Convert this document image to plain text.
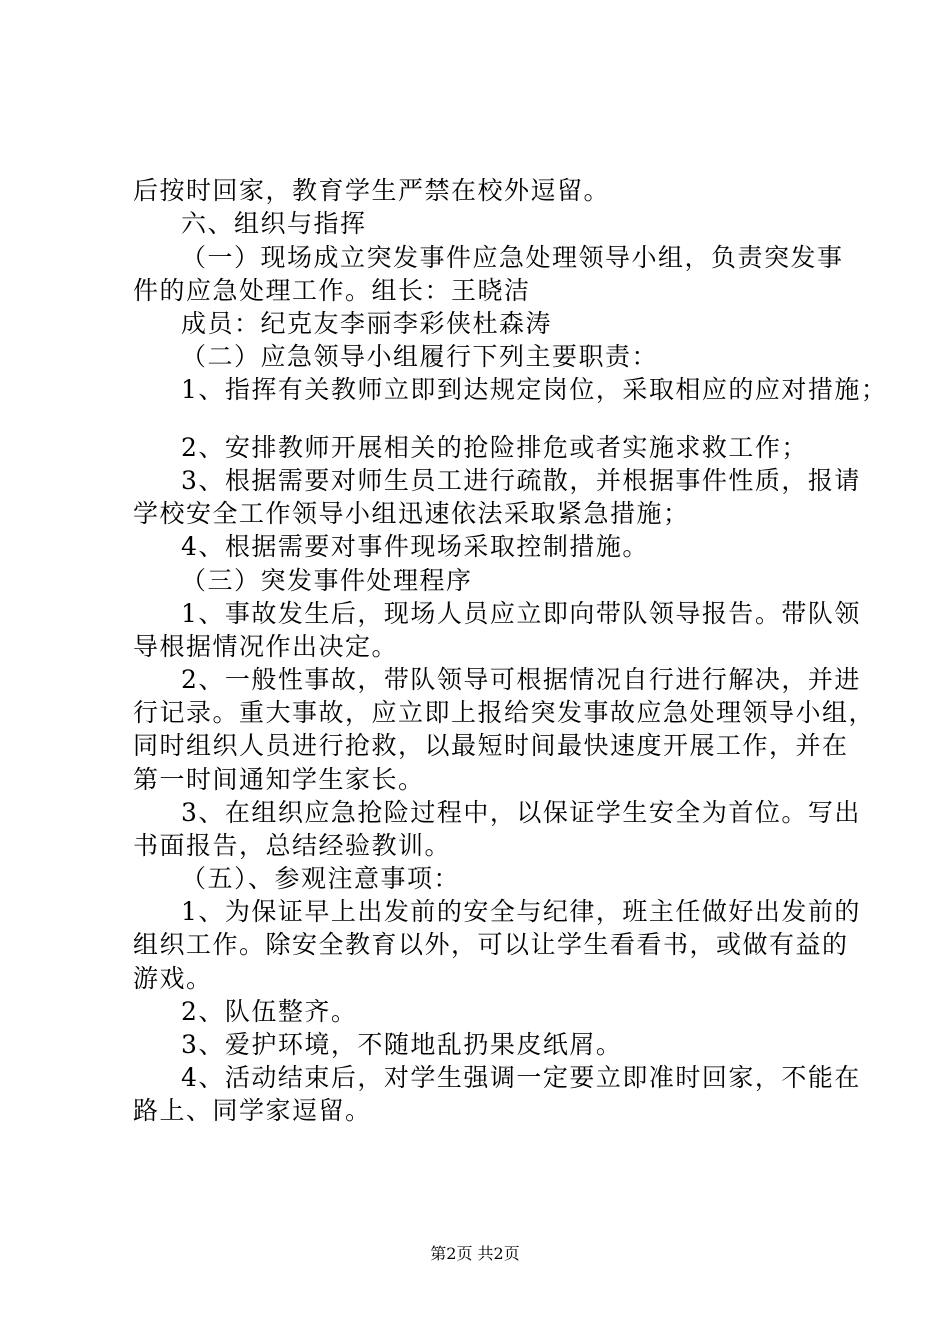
后按时回家，教育学生严禁在校外逗留。
六、组织与指挥
（一）现场成立突发事件应急处理领导小组，负责突发事
件的应急处理工作。组长：王晓洁
成员：纪克友李丽李彩侠杜森涛
（二）应急领导小组履行下列主要职责：
1、指挥有关教师立即到达规定岗位，采取相应的应对措施；
2、安排教师开展相关的抢险排危或者实施求救工作；
3、根据需要对师生员工进行疏散，并根据事件性质，报请
学校安全工作领导小组迅速依法采取紧急措施；
4、根据需要对事件现场采取控制措施。
（三）突发事件处理程序
1、事故发生后，现场人员应立即向带队领导报告。带队领
导根据情况作出决定。
2、一般性事故，带队领导可根据情况自行进行解决，并进
行记录。重大事故，应立即上报给突发事故应急处理领导小组，
同时组织人员进行抢救，以最短时间最快速度开展工作，并在
第一时间通知学生家长。
3、在组织应急抢险过程中，以保证学生安全为首位。写出
书面报告，总结经验教训。
（五）、参观注意事项：
1、为保证早上出发前的安全与纪律，班主任做好出发前的
组织工作。除安全教育以外，可以让学生看看书，或做有益的
游戏。
2、队伍整齐。
3、爱护环境，不随地乱扔果皮纸屑。
4、活动结束后，对学生强调一定要立即准时回家，不能在
路上、同学家逗留。
第2页 共2页
